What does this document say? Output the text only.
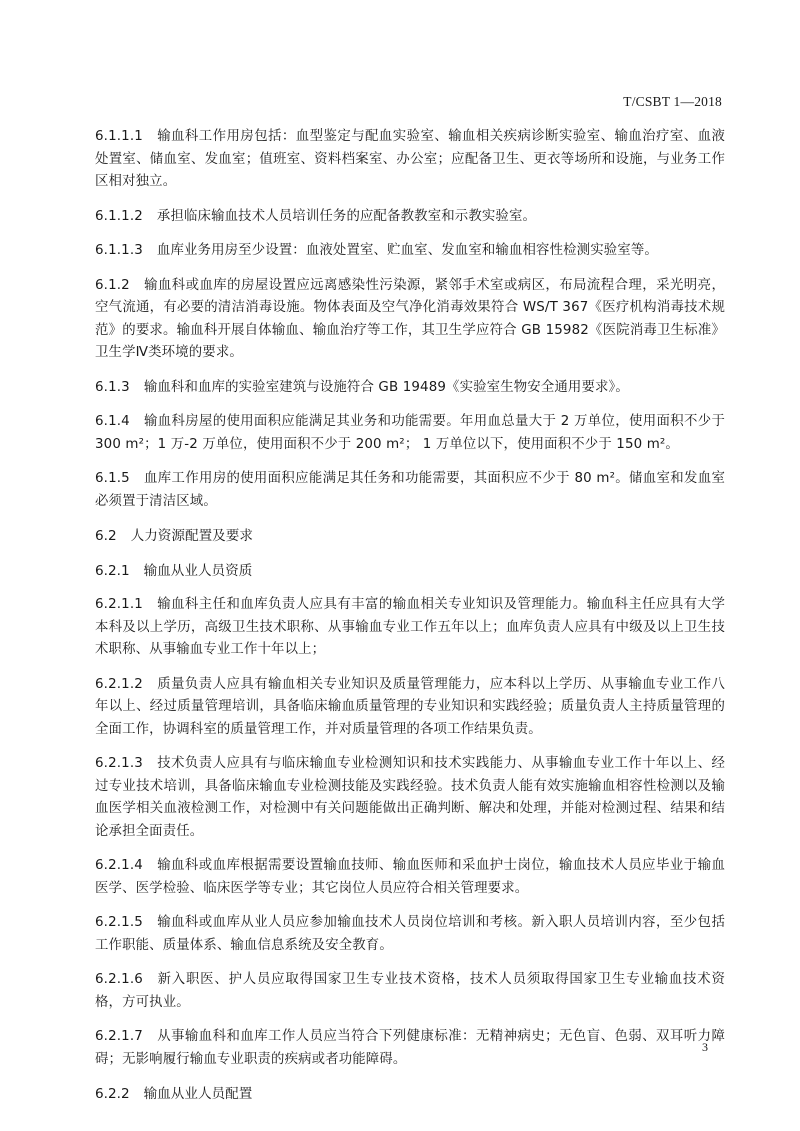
T/CSBT 1—2018
6.1.1.1 输血科工作用房包括：血型鉴定与配血实验室、输血相关疾病诊断实验室、输血治疗室、血液处置室、储血室、发血室；值班室、资料档案室、办公室；应配备卫生、更衣等场所和设施，与业务工作区相对独立。
6.1.1.2 承担临床输血技术人员培训任务的应配备教教室和示教实验室。
6.1.1.3 血库业务用房至少设置：血液处置室、贮血室、发血室和输血相容性检测实验室等。
6.1.2 输血科或血库的房屋设置应远离感染性污染源，紧邻手术室或病区，布局流程合理，采光明亮，空气流通，有必要的清洁消毒设施。物体表面及空气净化消毒效果符合 WS/T 367《医疗机构消毒技术规范》的要求。输血科开展自体输血、输血治疗等工作，其卫生学应符合 GB 15982《医院消毒卫生标准》卫生学Ⅳ类环境的要求。
6.1.3 输血科和血库的实验室建筑与设施符合 GB 19489《实验室生物安全通用要求》。
6.1.4 输血科房屋的使用面积应能满足其业务和功能需要。年用血总量大于 2 万单位，使用面积不少于 300 m²；1 万-2 万单位，使用面积不少于 200 m²； 1 万单位以下，使用面积不少于 150 m²。
6.1.5 血库工作用房的使用面积应能满足其任务和功能需要，其面积应不少于 80 m²。储血室和发血室必须置于清洁区域。
6.2 人力资源配置及要求
6.2.1 输血从业人员资质
6.2.1.1 输血科主任和血库负责人应具有丰富的输血相关专业知识及管理能力。输血科主任应具有大学本科及以上学历，高级卫生技术职称、从事输血专业工作五年以上；血库负责人应具有中级及以上卫生技术职称、从事输血专业工作十年以上；
6.2.1.2 质量负责人应具有输血相关专业知识及质量管理能力，应本科以上学历、从事输血专业工作八年以上、经过质量管理培训，具备临床输血质量管理的专业知识和实践经验；质量负责人主持质量管理的全面工作，协调科室的质量管理工作，并对质量管理的各项工作结果负责。
6.2.1.3 技术负责人应具有与临床输血专业检测知识和技术实践能力、从事输血专业工作十年以上、经过专业技术培训，具备临床输血专业检测技能及实践经验。技术负责人能有效实施输血相容性检测以及输血医学相关血液检测工作，对检测中有关问题能做出正确判断、解决和处理，并能对检测过程、结果和结论承担全面责任。
6.2.1.4 输血科或血库根据需要设置输血技师、输血医师和采血护士岗位，输血技术人员应毕业于输血医学、医学检验、临床医学等专业；其它岗位人员应符合相关管理要求。
6.2.1.5 输血科或血库从业人员应参加输血技术人员岗位培训和考核。新入职人员培训内容，至少包括工作职能、质量体系、输血信息系统及安全教育。
6.2.1.6 新入职医、护人员应取得国家卫生专业技术资格，技术人员须取得国家卫生专业输血技术资格，方可执业。
6.2.1.7 从事输血科和血库工作人员应当符合下列健康标准：无精神病史；无色盲、色弱、双耳听力障碍；无影响履行输血专业职责的疾病或者功能障碍。
6.2.2 输血从业人员配置
3
